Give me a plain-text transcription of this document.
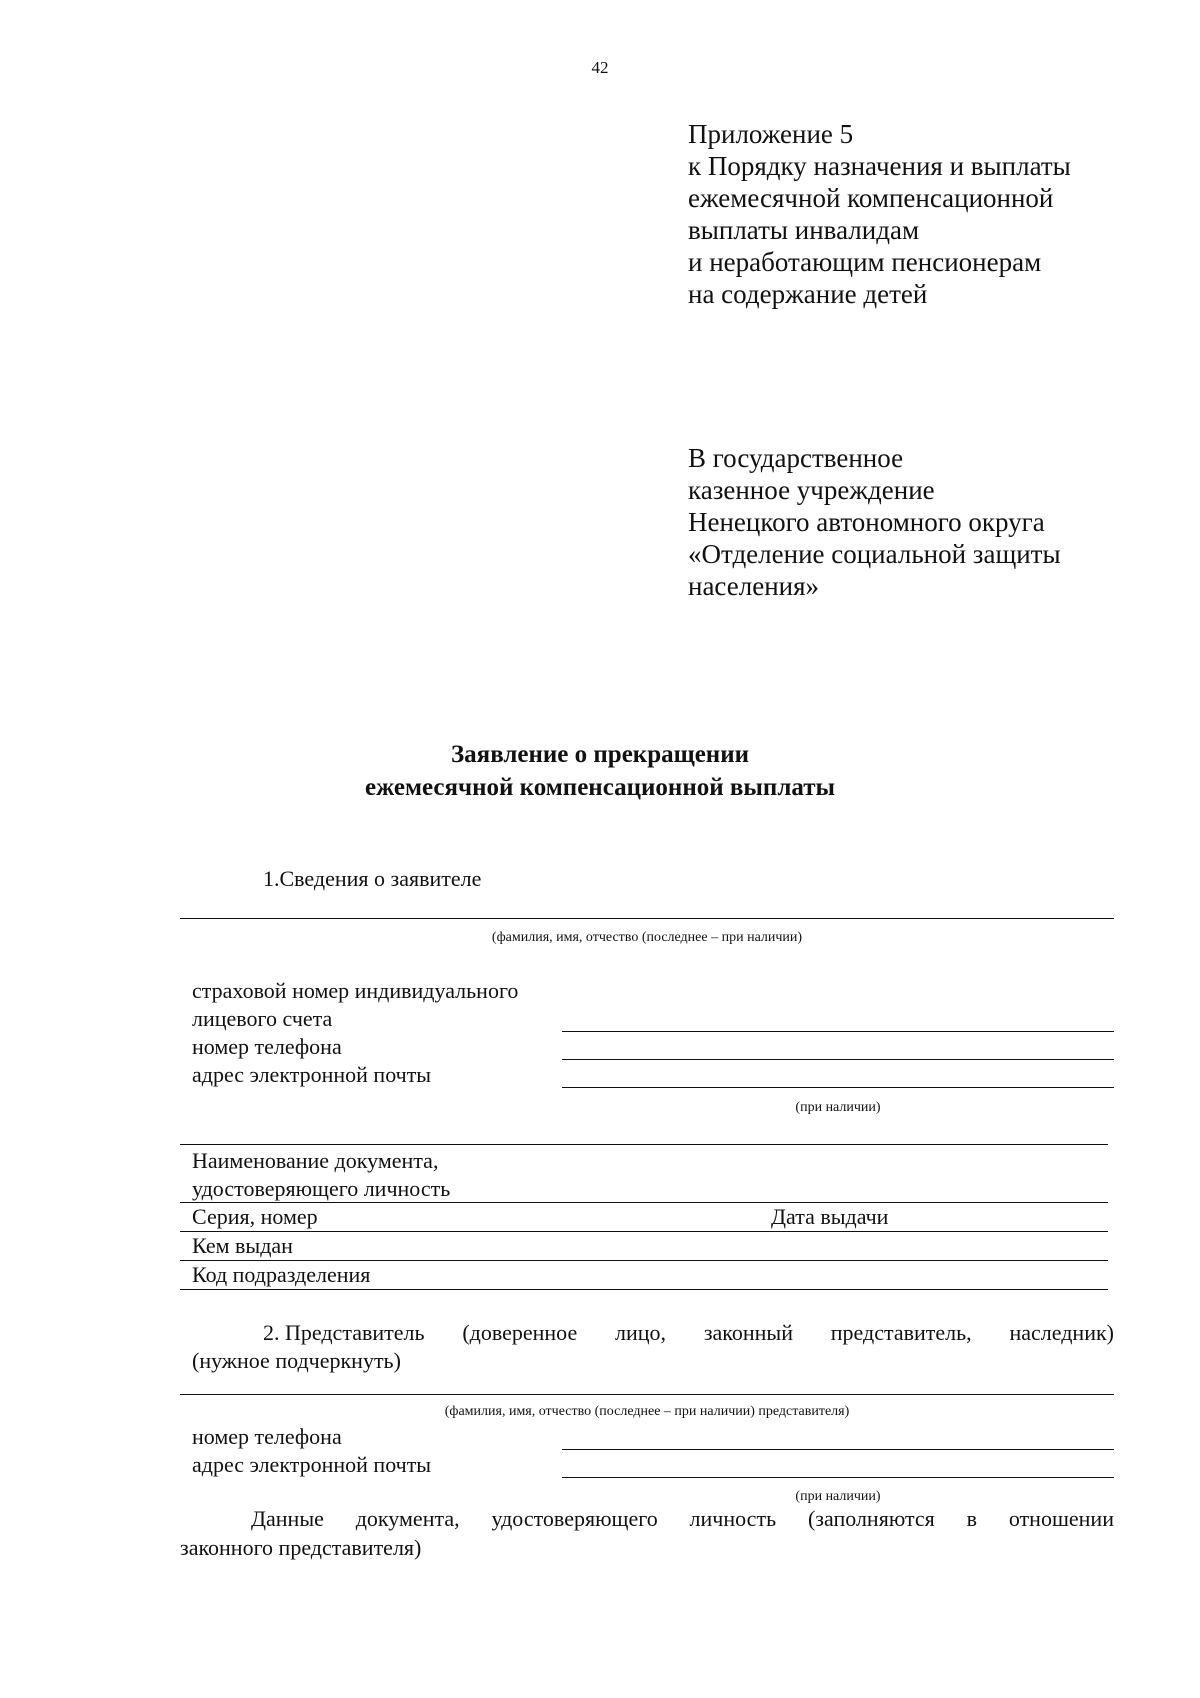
42
Приложение 5
к Порядку назначения и выплаты
ежемесячной компенсационной
выплаты инвалидам
и неработающим пенсионерам
на содержание детей
В государственное
казенное учреждение
Ненецкого автономного округа
«Отделение социальной защиты
населения»
Заявление о прекращении
ежемесячной компенсационной выплаты
1.Сведения о заявителе
(фамилия, имя, отчество (последнее – при наличии)
страховой номер индивидуального
лицевого счета
номер телефона
адрес электронной почты
(при наличии)
Наименование документа,
удостоверяющего личность
Серия, номер	Дата выдачи
Кем выдан
Код подразделения
2. Представитель (доверенное лицо, законный представитель, наследник)
(нужное подчеркнуть)
(фамилия, имя, отчество (последнее – при наличии) представителя)
номер телефона
адрес электронной почты
(при наличии)
Данные документа, удостоверяющего личность (заполняются в отношении
законного представителя)
